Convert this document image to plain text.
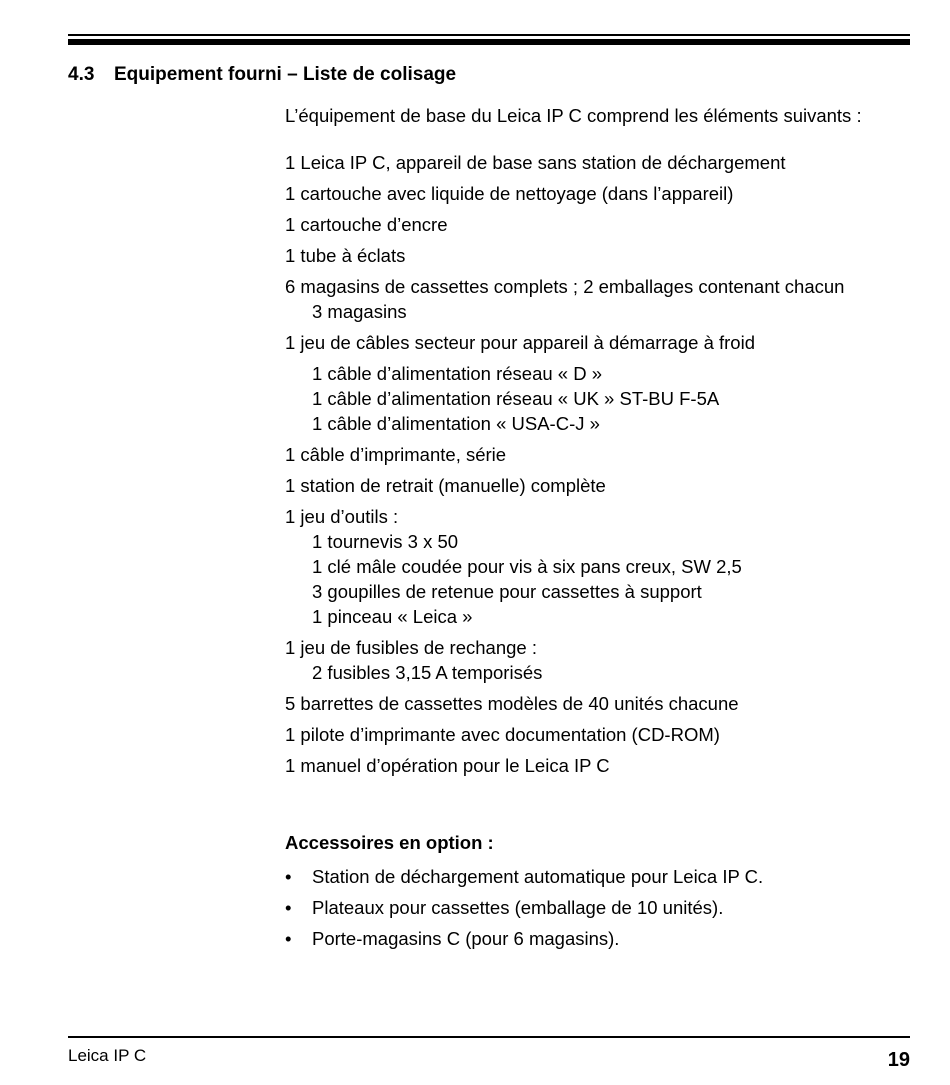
4.3 Equipement fourni – Liste de colisage
L’équipement de base du Leica IP C comprend les éléments suivants :
1 Leica IP C, appareil de base sans station de déchargement
1 cartouche avec liquide de nettoyage (dans l’appareil)
1 cartouche d’encre
1 tube à éclats
6 magasins de cassettes complets ; 2 emballages contenant chacun
3 magasins
1 jeu de câbles secteur pour appareil à démarrage à froid
1 câble d’alimentation réseau « D »
1 câble d’alimentation réseau « UK » ST-BU F-5A
1 câble d’alimentation « USA-C-J »
1 câble d’imprimante, série
1 station de retrait (manuelle) complète
1 jeu d’outils :
1 tournevis 3 x 50
1 clé mâle coudée pour vis à six pans creux, SW 2,5
3 goupilles de retenue pour cassettes à support
1 pinceau « Leica »
1 jeu de fusibles de rechange :
2 fusibles 3,15 A temporisés
5 barrettes de cassettes modèles de 40 unités chacune
1 pilote d’imprimante avec documentation (CD-ROM)
1 manuel d’opération pour le Leica IP C
Accessoires en option :
• Station de déchargement automatique pour Leica IP C.
• Plateaux pour cassettes (emballage de 10 unités).
• Porte-magasins C (pour 6 magasins).
Leica IP C	19
